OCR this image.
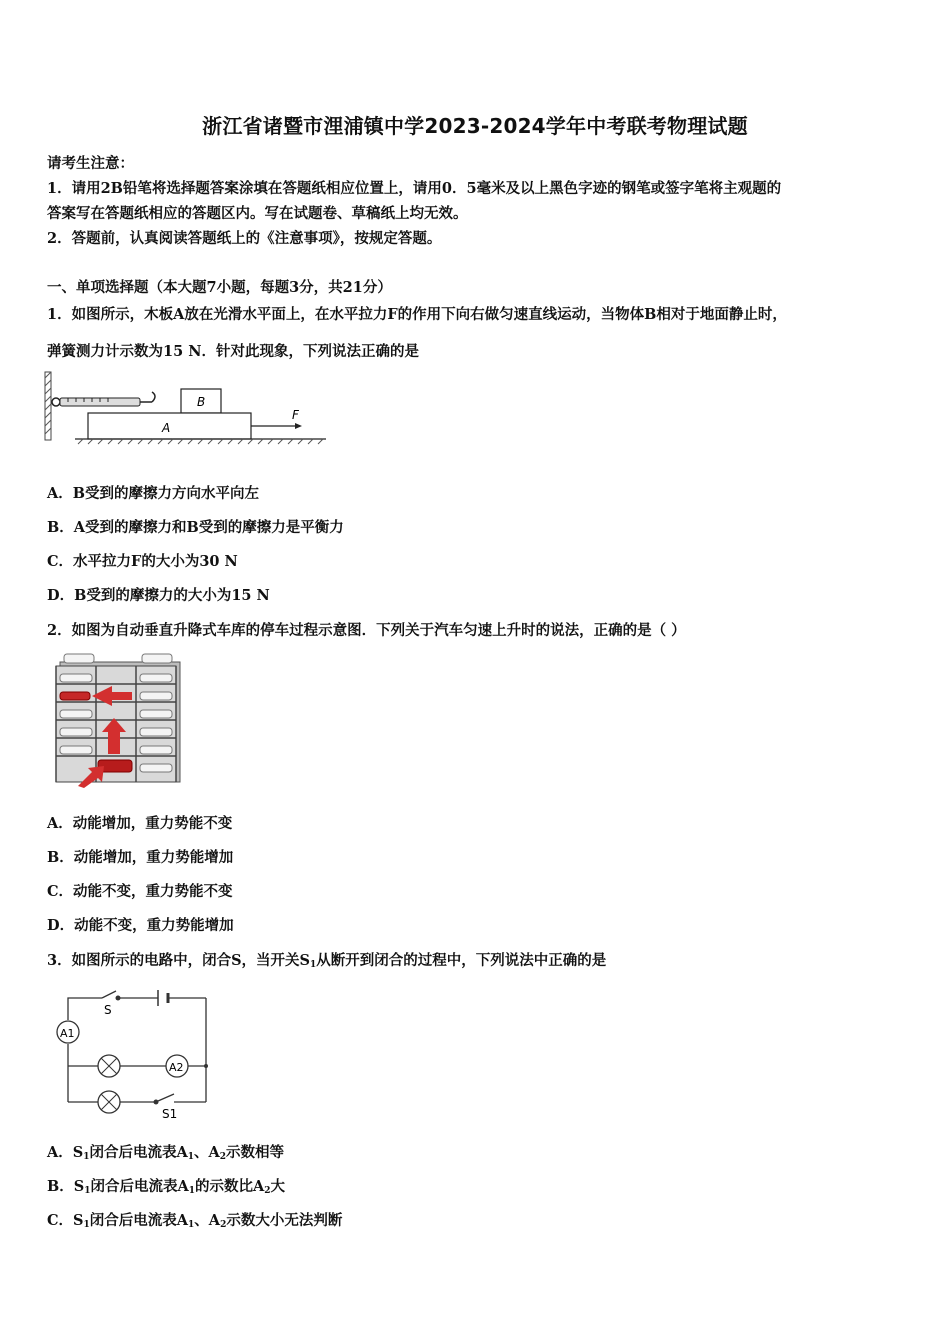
浙江省诸暨市浬浦镇中学2023-2024学年中考联考物理试题
请考生注意：
1．请用2B铅笔将选择题答案涂填在答题纸相应位置上，请用0．5毫米及以上黑色字迹的钢笔或签字笔将主观题的
答案写在答题纸相应的答题区内。写在试题卷、草稿纸上均无效。
2．答题前，认真阅读答题纸上的《注意事项》，按规定答题。
一、单项选择题（本大题7小题，每题3分，共21分）
1．如图所示，木板A放在光滑水平面上，在水平拉力F的作用下向右做匀速直线运动，当物体B相对于地面静止时，
弹簧测力计示数为15 N．针对此现象，下列说法正确的是
B
A
F
A．B受到的摩擦力方向水平向左
B．A受到的摩擦力和B受到的摩擦力是平衡力
C．水平拉力F的大小为30 N
D．B受到的摩擦力的大小为15 N
2．如图为自动垂直升降式车库的停车过程示意图．下列关于汽车匀速上升时的说法，正确的是（ ）
A．动能增加，重力势能不变
B．动能增加，重力势能增加
C．动能不变，重力势能不变
D．动能不变，重力势能增加
3．如图所示的电路中，闭合S，当开关$S_1$从断开到闭合的过程中，下列说法中正确的是
S
A1
A2
S1
A．$S_1$闭合后电流表$A_1$、$A_2$示数相等
B．$S_1$闭合后电流表$A_1$的示数比$A_2$大
C．$S_1$闭合后电流表$A_1$、$A_2$示数大小无法判断
